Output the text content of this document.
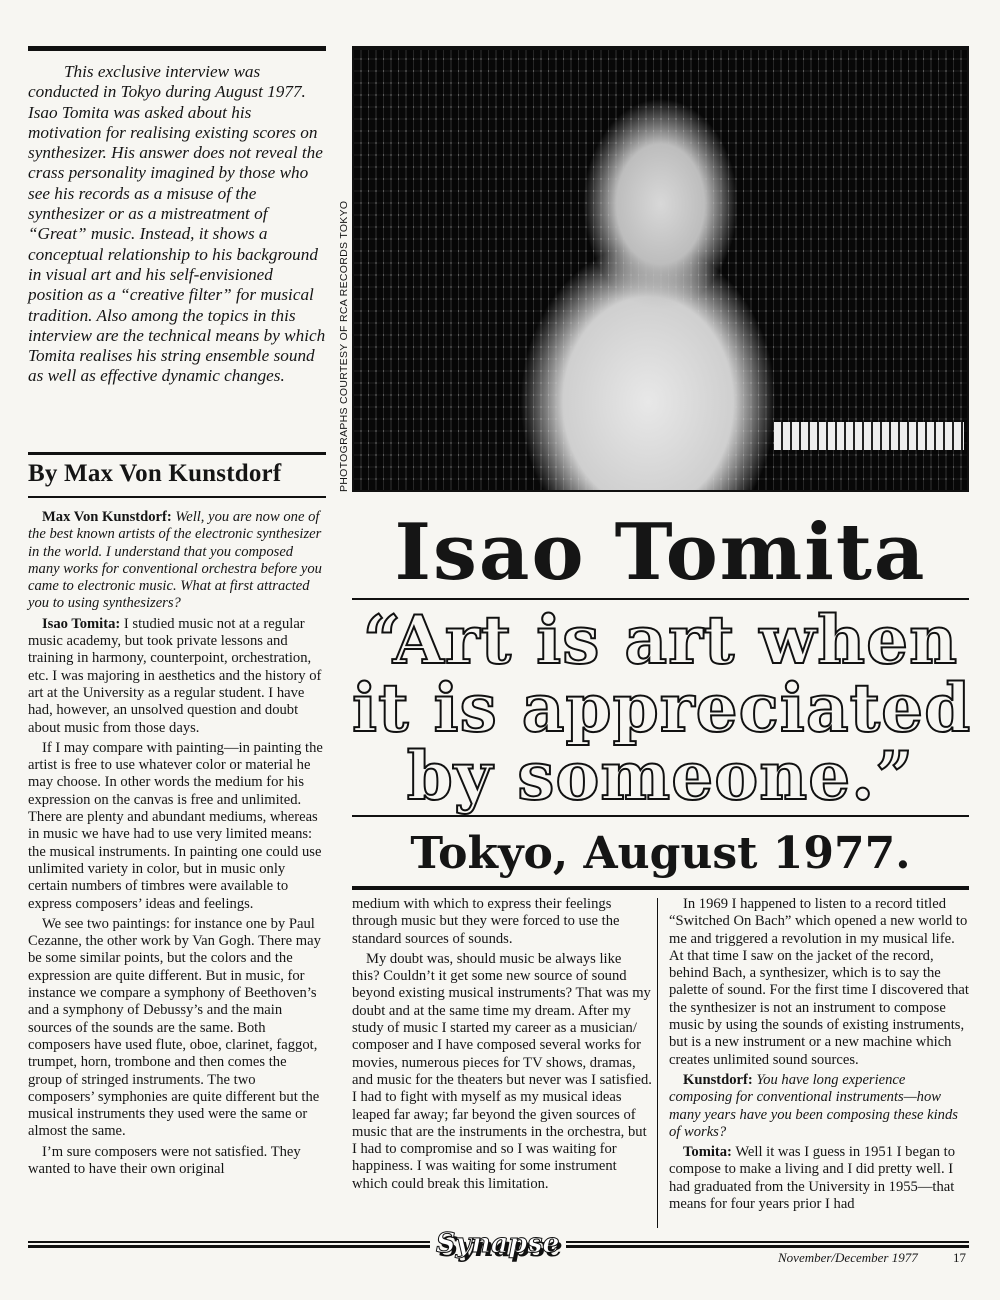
This exclusive interview was conducted in Tokyo during August 1977. Isao Tomita was asked about his motivation for realising existing scores on synthesizer. His answer does not reveal the crass personality imagined by those who see his records as a misuse of the synthesizer or as a mistreatment of “Great” music. Instead, it shows a conceptual relationship to his background in visual art and his self-envisioned position as a “creative filter” for musical tradition. Also among the topics in this interview are the technical means by which Tomita realises his string ensemble sound as well as effective dynamic changes.

By Max Von Kunstdorf

Max Von Kunstdorf: Well, you are now one of the best known artists of the electronic synthesizer in the world. I understand that you composed many works for conventional orchestra before you came to electronic music. What at first attracted you to using synthesizers?

Isao Tomita: I studied music not at a regular music academy, but took private lessons and training in harmony, counterpoint, orchestration, etc. I was majoring in aesthetics and the history of art at the University as a regular student. I have had, however, an unsolved question and doubt about music from those days.

If I may compare with painting—in painting the artist is free to use whatever color or material he may choose. In other words the medium for his expression on the canvas is free and unlimited. There are plenty and abundant mediums, whereas in music we have had to use very limited means: the musical instruments. In painting one could use unlimited variety in color, but in music only certain numbers of timbres were available to express composers’ ideas and feelings.

We see two paintings: for instance one by Paul Cezanne, the other work by Van Gogh. There may be some similar points, but the colors and the expression are quite different. But in music, for instance we compare a symphony of Beethoven’s and a symphony of Debussy’s and the main sources of the sounds are the same. Both composers have used flute, oboe, clarinet, faggot, trumpet, horn, trombone and then comes the group of stringed instruments. The two composers’ symphonies are quite different but the musical instruments they used were the same or almost the same.

I’m sure composers were not satisfied. They wanted to have their own original

PHOTOGRAPHS COURTESY OF RCA RECORDS TOKYO
Isao Tomita
“Art is art when
it is appreciated
by someone.”
Tokyo, August 1977.

medium with which to express their feelings through music but they were forced to use the standard sources of sounds.

My doubt was, should music be always like this? Couldn’t it get some new source of sound beyond existing musical instruments? That was my doubt and at the same time my dream. After my study of music I started my career as a musician/ composer and I have composed several works for movies, numerous pieces for TV shows, dramas, and music for the theaters but never was I satisfied. I had to fight with myself as my musical ideas leaped far away; far beyond the given sources of music that are the instruments in the orchestra, but I had to compromise and so I was waiting for happiness. I was waiting for some instrument which could break this limitation.

In 1969 I happened to listen to a record titled “Switched On Bach” which opened a new world to me and triggered a revolution in my musical life. At that time I saw on the jacket of the record, behind Bach, a synthesizer, which is to say the palette of sound. For the first time I discovered that the synthesizer is not an instrument to compose music by using the sounds of existing instruments, but is a new instrument or a new machine which creates unlimited sound sources.

Kunstdorf: You have long experience composing for conventional instruments—how many years have you been composing these kinds of works?

Tomita: Well it was I guess in 1951 I began to compose to make a living and I did pretty well. I had graduated from the University in 1955—that means for four years prior I had

Synapse	November/December 1977	17
